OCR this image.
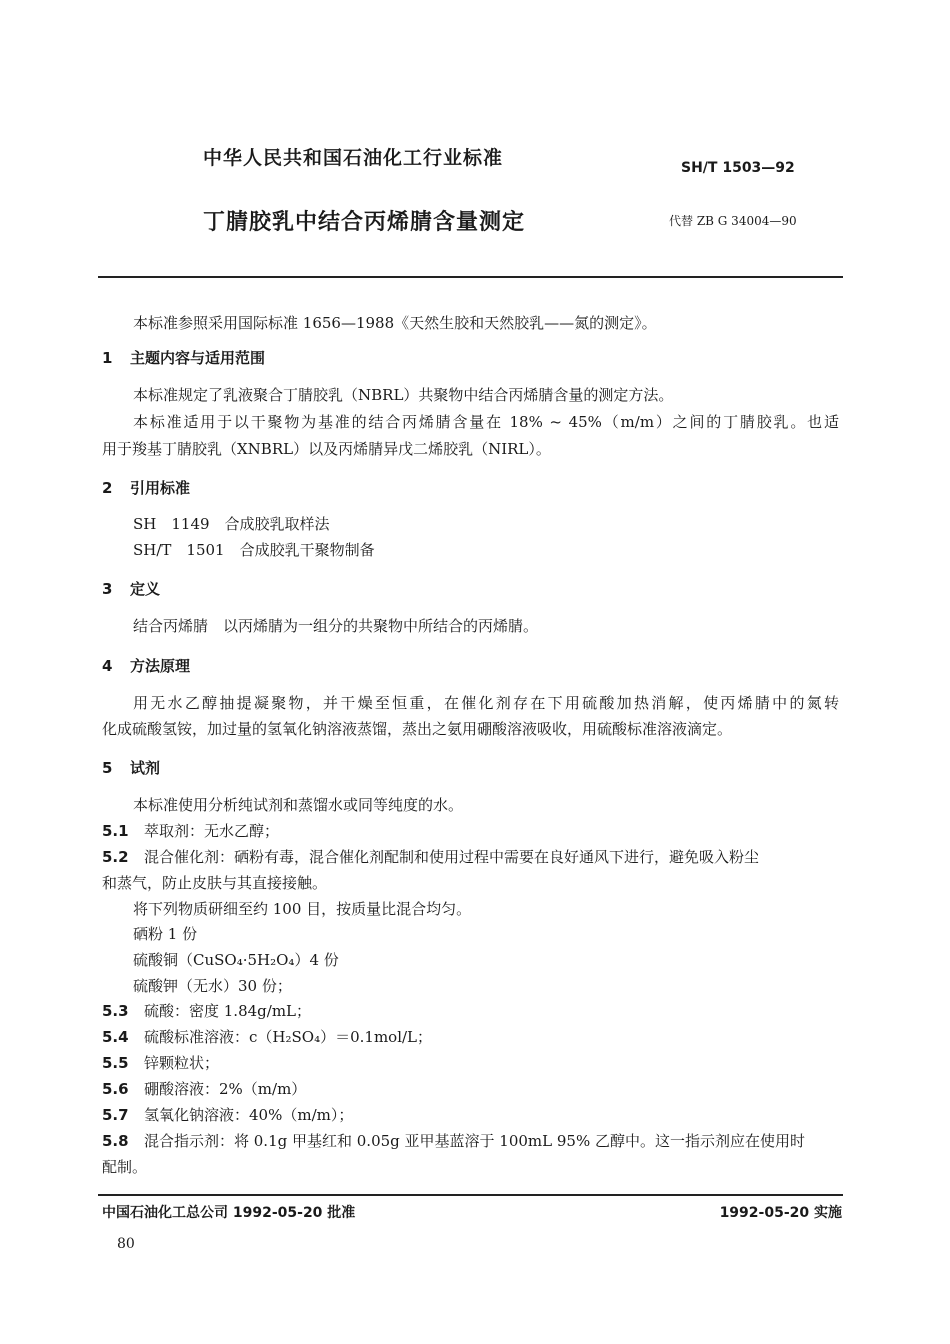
中华人民共和国石油化工行业标准	SH/T 1503—92
丁腈胶乳中结合丙烯腈含量测定	代替 ZB G 34004—90
本标准参照采用国际标准 1656—1988《天然生胶和天然胶乳——氮的测定》。
1 主题内容与适用范围
本标准规定了乳液聚合丁腈胶乳（NBRL）共聚物中结合丙烯腈含量的测定方法。
本标准适用于以干聚物为基准的结合丙烯腈含量在 18% ~ 45%（m/m）之间的丁腈胶乳。也适
用于羧基丁腈胶乳（XNBRL）以及丙烯腈异戊二烯胶乳（NIRL）。
2 引用标准
SH　1149　合成胶乳取样法
SH/T　1501　合成胶乳干聚物制备
3 定义
结合丙烯腈　以丙烯腈为一组分的共聚物中所结合的丙烯腈。
4 方法原理
用无水乙醇抽提凝聚物，并干燥至恒重，在催化剂存在下用硫酸加热消解，使丙烯腈中的氮转
化成硫酸氢铵，加过量的氢氧化钠溶液蒸馏，蒸出之氨用硼酸溶液吸收，用硫酸标准溶液滴定。
5 试剂
本标准使用分析纯试剂和蒸馏水或同等纯度的水。
5.1 萃取剂：无水乙醇；
5.2 混合催化剂：硒粉有毒，混合催化剂配制和使用过程中需要在良好通风下进行，避免吸入粉尘
和蒸气，防止皮肤与其直接接触。
将下列物质研细至约 100 目，按质量比混合均匀。
硒粉 1 份
硫酸铜（CuSO₄·5H₂O₄）4 份
硫酸钾（无水）30 份；
5.3 硫酸：密度 1.84g/mL；
5.4 硫酸标准溶液：c（H₂SO₄）＝0.1mol/L；
5.5 锌颗粒状；
5.6 硼酸溶液：2%（m/m）
5.7 氢氧化钠溶液：40%（m/m）；
5.8 混合指示剂：将 0.1g 甲基红和 0.05g 亚甲基蓝溶于 100mL 95% 乙醇中。这一指示剂应在使用时
配制。
中国石油化工总公司 1992-05-20 批准	1992-05-20 实施
80
